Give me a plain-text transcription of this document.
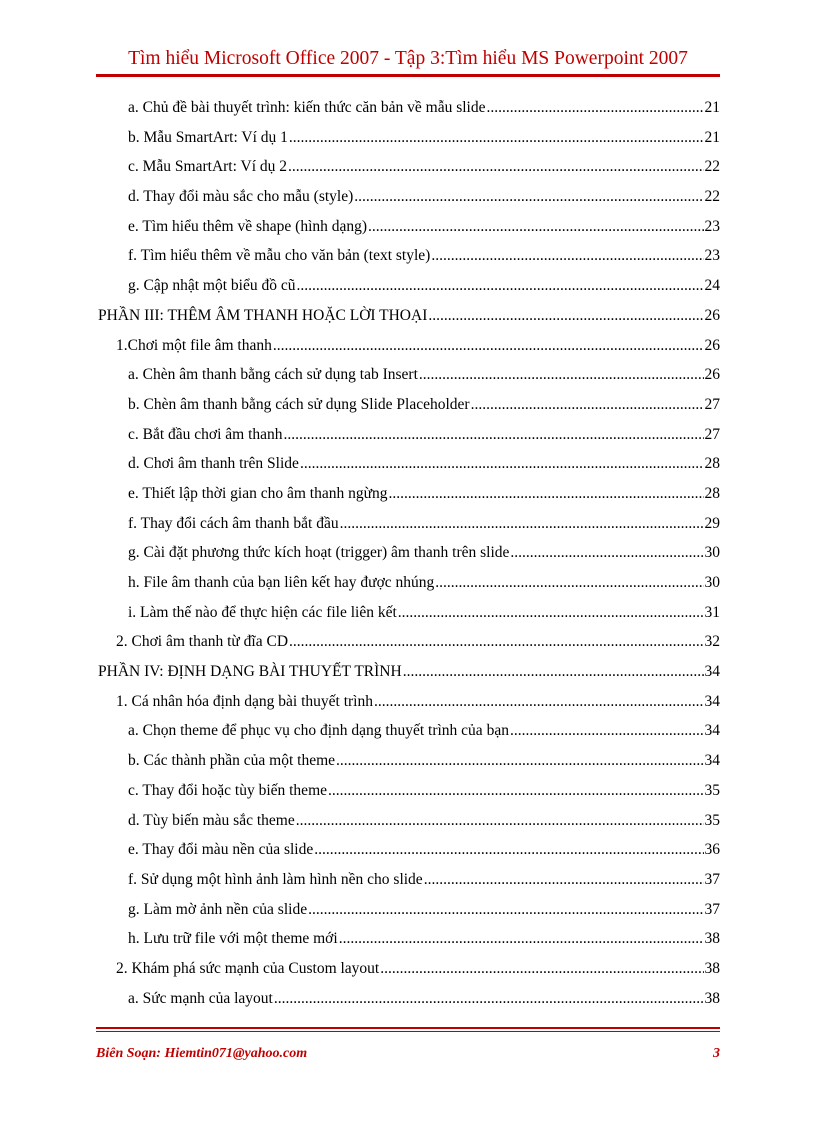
Tìm hiểu Microsoft Office 2007 - Tập 3:Tìm hiểu MS Powerpoint 2007
a. Chủ đề bài thuyết trình: kiến thức căn bản về mẫu slide .....	21
b. Mẫu SmartArt: Ví dụ 1 .....	21
c. Mẫu SmartArt: Ví dụ 2 .....	22
d. Thay đổi màu sắc cho mẫu (style) .....	22
e. Tìm hiểu thêm về shape (hình dạng) .....	23
f. Tìm hiểu thêm về mẫu cho văn bản (text style) .....	23
g. Cập nhật một biểu đồ cũ .....	24
PHẦN III: THÊM ÂM THANH HOẶC LỜI THOẠI .....	26
1.Chơi một file âm thanh .....	26
a. Chèn âm thanh bằng cách sử dụng tab Insert .....	26
b. Chèn âm thanh bằng cách sử dụng Slide Placeholder .....	27
c. Bắt đầu chơi âm thanh .....	27
d. Chơi âm thanh trên Slide .....	28
e. Thiết lập thời gian cho âm thanh ngừng .....	28
f. Thay đổi cách âm thanh bắt đầu .....	29
g. Cài đặt phương thức kích hoạt (trigger) âm thanh trên slide .....	30
h. File âm thanh của bạn liên kết hay được nhúng .....	30
i. Làm thế nào để thực hiện các file liên kết .....	31
2. Chơi âm thanh từ đĩa CD .....	32
PHẦN IV: ĐỊNH DẠNG BÀI THUYẾT TRÌNH .....	34
1. Cá nhân hóa định dạng bài thuyết trình .....	34
a. Chọn theme để phục vụ cho định dạng thuyết trình của bạn .....	34
b. Các thành phần của một theme .....	34
c. Thay đổi hoặc tùy biến theme .....	35
d. Tùy biến màu sắc theme .....	35
e. Thay đổi màu nền của slide .....	36
f. Sử dụng một hình ảnh làm hình nền cho slide .....	37
g. Làm mờ ảnh nền của slide .....	37
h. Lưu trữ file với một theme mới .....	38
2. Khám phá sức mạnh của Custom layout .....	38
a. Sức mạnh của layout .....	38
Biên Soạn: Hiemtin071@yahoo.com	3
